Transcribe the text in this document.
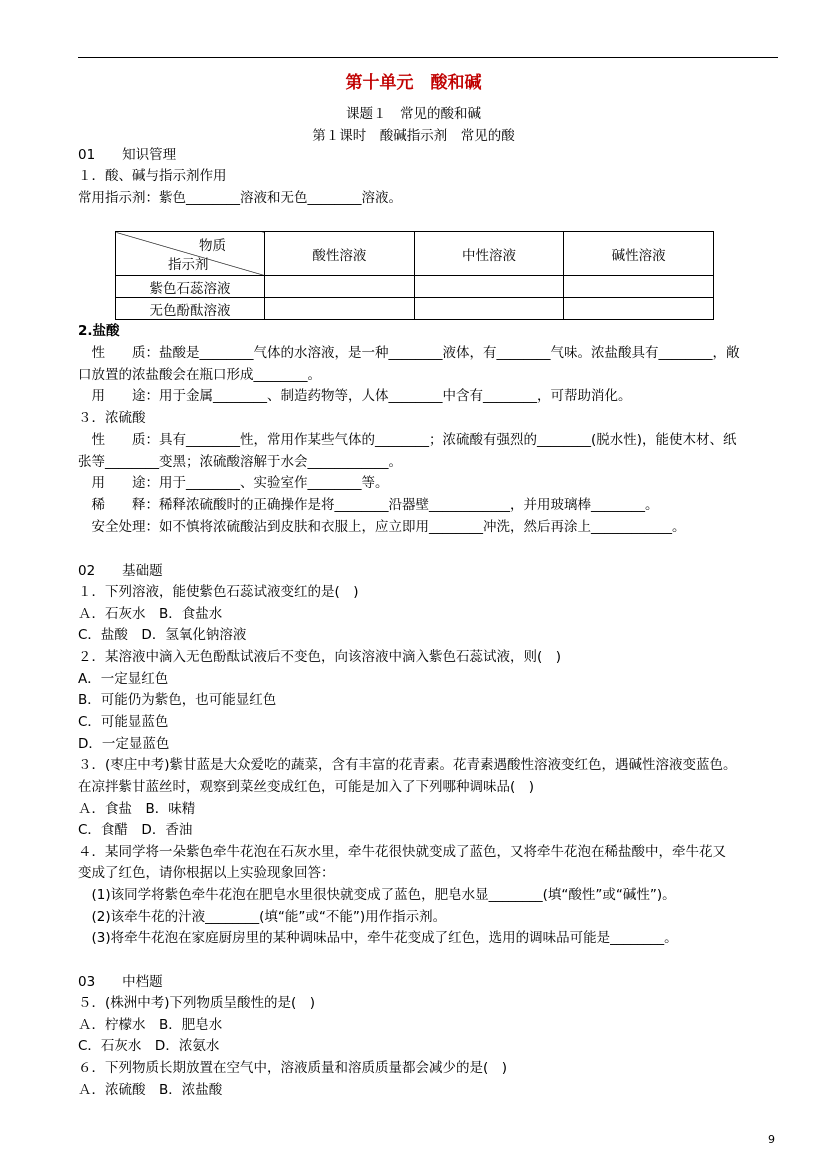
第十单元　酸和碱
课题１　常见的酸和碱
第１课时　酸碱指示剂　常见的酸
01　　知识管理
１．酸、碱与指示剂作用
常用指示剂：紫色________溶液和无色________溶液。
物质
指示剂	酸性溶液	中性溶液	碱性溶液
紫色石蕊溶液			
无色酚酞溶液			
2.盐酸
　性　　质：盐酸是________气体的水溶液，是一种________液体，有________气味。浓盐酸具有________，敞
口放置的浓盐酸会在瓶口形成________。
　用　　途：用于金属________、制造药物等，人体________中含有________，可帮助消化。
３．浓硫酸
　性　　质：具有________性，常用作某些气体的________；浓硫酸有强烈的________(脱水性)，能使木材、纸
张等________变黑；浓硫酸溶解于水会____________。
　用　　途：用于________、实验室作________等。
　稀　　释：稀释浓硫酸时的正确操作是将________沿器壁____________，并用玻璃棒________。
　安全处理：如不慎将浓硫酸沾到皮肤和衣服上，应立即用________冲洗，然后再涂上____________。
02　　基础题
１．下列溶液，能使紫色石蕊试液变红的是(　)
Ａ．石灰水　B．食盐水
C．盐酸　D．氢氧化钠溶液
２．某溶液中滴入无色酚酞试液后不变色，向该溶液中滴入紫色石蕊试液，则(　)
A．一定显红色
B．可能仍为紫色，也可能显红色
C．可能显蓝色
D．一定显蓝色
３．(枣庄中考)紫甘蓝是大众爱吃的蔬菜，含有丰富的花青素。花青素遇酸性溶液变红色，遇碱性溶液变蓝色。
在凉拌紫甘蓝丝时，观察到菜丝变成红色，可能是加入了下列哪种调味品(　)
Ａ．食盐　B．味精
C．食醋　D．香油
４．某同学将一朵紫色牵牛花泡在石灰水里，牵牛花很快就变成了蓝色，又将牵牛花泡在稀盐酸中，牵牛花又
变成了红色，请你根据以上实验现象回答：
　(1)该同学将紫色牵牛花泡在肥皂水里很快就变成了蓝色，肥皂水显________(填“酸性”或“碱性”)。
　(2)该牵牛花的汁液________(填“能”或“不能”)用作指示剂。
　(3)将牵牛花泡在家庭厨房里的某种调味品中，牵牛花变成了红色，选用的调味品可能是________。
03　　中档题
５．(株洲中考)下列物质呈酸性的是(　)
Ａ．柠檬水　B．肥皂水
C．石灰水　D．浓氨水
６．下列物质长期放置在空气中，溶液质量和溶质质量都会减少的是(　)
Ａ．浓硫酸　B．浓盐酸
9
